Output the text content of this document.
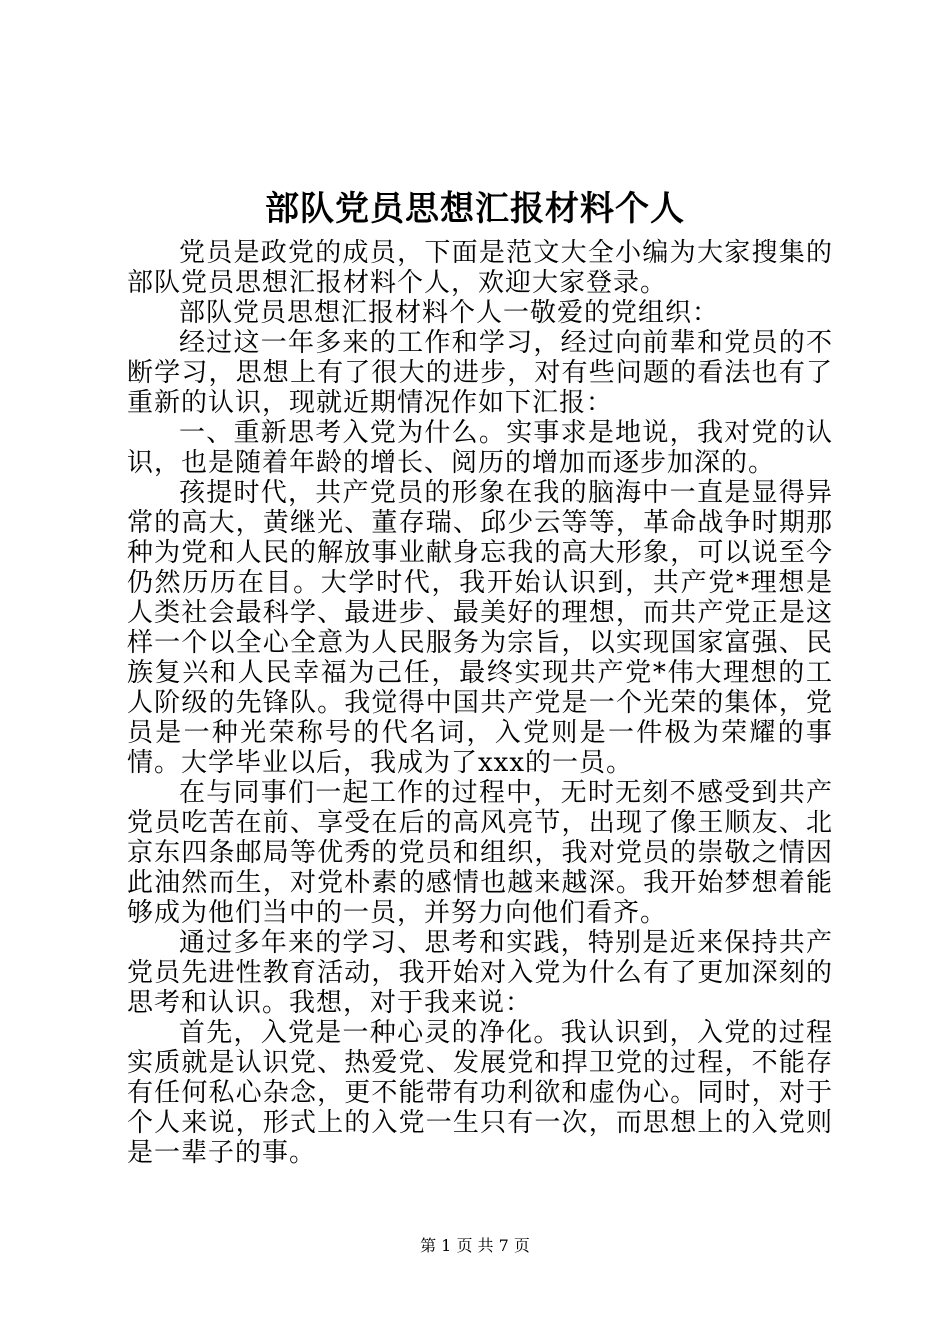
部队党员思想汇报材料个人

党员是政党的成员，下面是范文大全小编为大家搜集的部队党员思想汇报材料个人，欢迎大家登录。

部队党员思想汇报材料个人一敬爱的党组织：

经过这一年多来的工作和学习，经过向前辈和党员的不断学习，思想上有了很大的进步，对有些问题的看法也有了重新的认识，现就近期情况作如下汇报：

一、重新思考入党为什么。实事求是地说，我对党的认识，也是随着年龄的增长、阅历的增加而逐步加深的。

孩提时代，共产党员的形象在我的脑海中一直是显得异常的高大，黄继光、董存瑞、邱少云等等，革命战争时期那种为党和人民的解放事业献身忘我的高大形象，可以说至今仍然历历在目。大学时代，我开始认识到，共产党*理想是人类社会最科学、最进步、最美好的理想，而共产党正是这样一个以全心全意为人民服务为宗旨，以实现国家富强、民族复兴和人民幸福为己任，最终实现共产党*伟大理想的工人阶级的先锋队。我觉得中国共产党是一个光荣的集体，党员是一种光荣称号的代名词，入党则是一件极为荣耀的事情。大学毕业以后，我成为了xxx的一员。

在与同事们一起工作的过程中，无时无刻不感受到共产党员吃苦在前、享受在后的高风亮节，出现了像王顺友、北京东四条邮局等优秀的党员和组织，我对党员的崇敬之情因此油然而生，对党朴素的感情也越来越深。我开始梦想着能够成为他们当中的一员，并努力向他们看齐。

通过多年来的学习、思考和实践，特别是近来保持共产党员先进性教育活动，我开始对入党为什么有了更加深刻的思考和认识。我想，对于我来说：

首先，入党是一种心灵的净化。我认识到，入党的过程实质就是认识党、热爱党、发展党和捍卫党的过程，不能存有任何私心杂念，更不能带有功利欲和虚伪心。同时，对于个人来说，形式上的入党一生只有一次，而思想上的入党则是一辈子的事。

第 1 页 共 7 页
